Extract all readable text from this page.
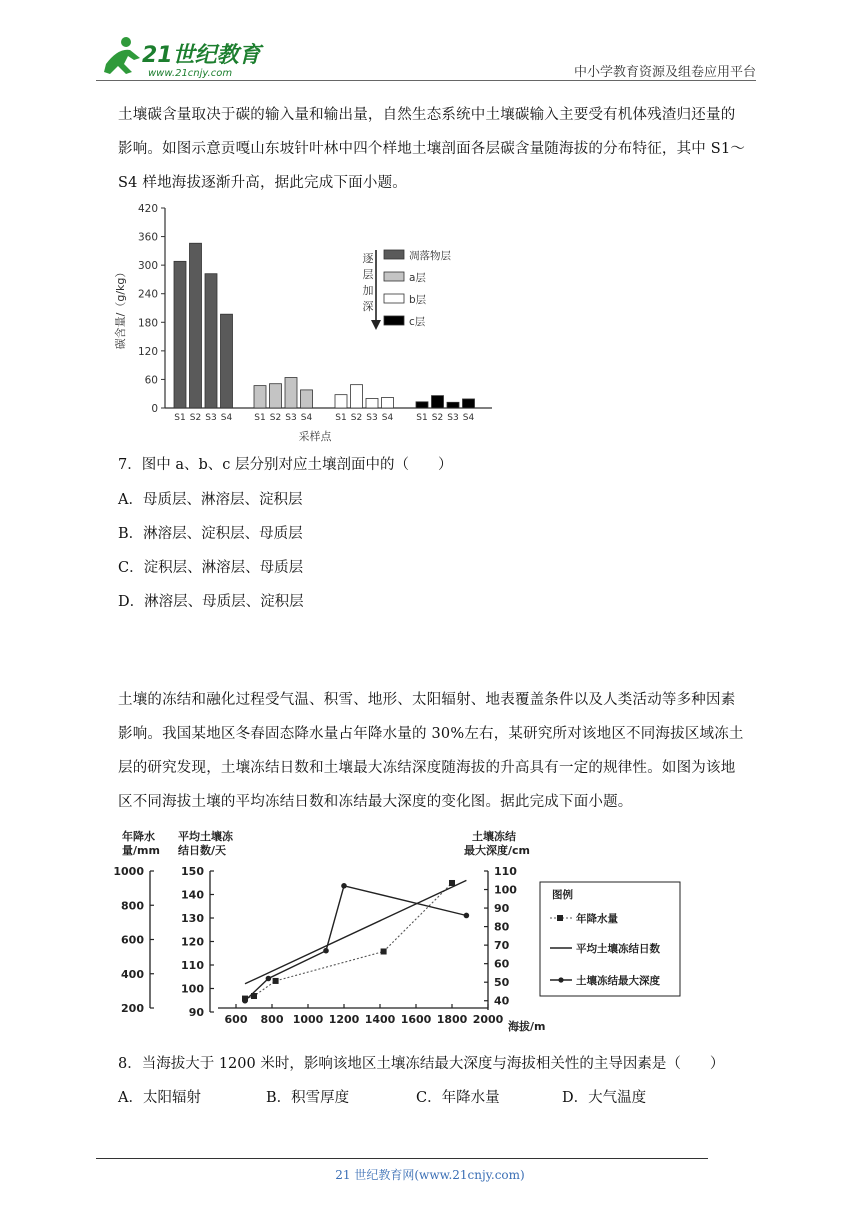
21世纪教育
www.21cnjy.com	中小学教育资源及组卷应用平台
土壤碳含量取决于碳的输入量和输出量，自然生态系统中土壤碳输入主要受有机体残渣归还量的
影响。如图示意贡嘎山东坡针叶林中四个样地土壤剖面各层碳含量随海拔的分布特征，其中 S1～
S4 样地海拔逐渐升高，据此完成下面小题。
0
60
120
180
240
300
360
420
S1 S2 S3 S4 S1 S2 S3 S4	S1 S2 S3 S4	S1 S2 S3 S4
碳含量/（g/kg）
采样点
逐
层
加
深
凋落物层
a层
b层
c层
7．图中 a、b、c 层分别对应土壤剖面中的（　　）
A．母质层、淋溶层、淀积层
B．淋溶层、淀积层、母质层
C．淀积层、淋溶层、母质层
D．淋溶层、母质层、淀积层
土壤的冻结和融化过程受气温、积雪、地形、太阳辐射、地表覆盖条件以及人类活动等多种因素
影响。我国某地区冬春固态降水量占年降水量的 30%左右，某研究所对该地区不同海拔区域冻土
层的研究发现，土壤冻结日数和土壤最大冻结深度随海拔的升高具有一定的规律性。如图为该地
区不同海拔土壤的平均冻结日数和冻结最大深度的变化图。据此完成下面小题。
年降水
量/mm
平均土壤冻
结日数/天
土壤冻结
最大深度/cm
200
400
600
800
1000
90
100
110
120
130
140
150
40
50
60
70
80
90
100
110
600 800 1000 1200 1400 1600 1800 2000
海拔/m
图例
年降水量
平均土壤冻结日数
土壤冻结最大深度
8．当海拔大于 1200 米时，影响该地区土壤冻结最大深度与海拔相关性的主导因素是（　　）
A．太阳辐射	B．积雪厚度	C．年降水量	D．大气温度
21 世纪教育网(www.21cnjy.com)
